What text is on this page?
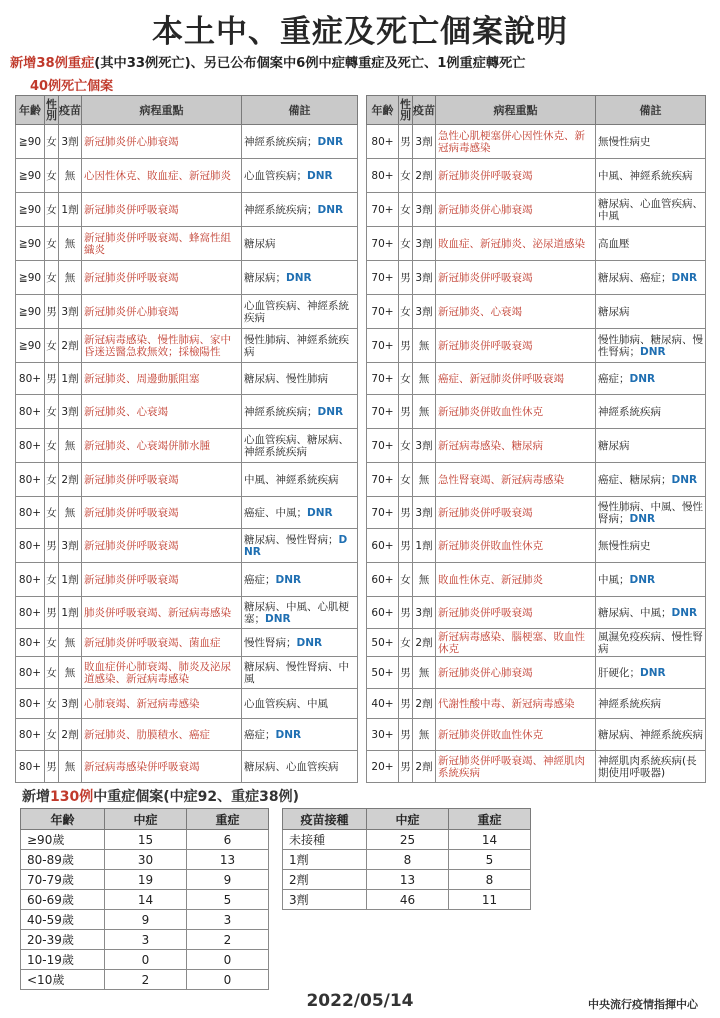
本土中、重症及死亡個案說明
新增38例重症(其中33例死亡)、另已公布個案中6例中症轉重症及死亡、1例重症轉死亡
40例死亡個案
年齡	性別	疫苗	病程重點	備註
≧90	女	3劑	新冠肺炎併心肺衰竭	神經系統疾病；DNR
≧90	女	無	心因性休克、敗血症、新冠肺炎	心血管疾病；DNR
≧90	女	1劑	新冠肺炎併呼吸衰竭	神經系統疾病；DNR
≧90	女	無	新冠肺炎併呼吸衰竭、蜂窩性組織炎	糖尿病
≧90	女	無	新冠肺炎併呼吸衰竭	糖尿病；DNR
≧90	男	3劑	新冠肺炎併心肺衰竭	心血管疾病、神經系統疾病
≧90	女	2劑	新冠病毒感染、慢性肺病、家中昏迷送醫急救無效；採檢陽性	慢性肺病、神經系統疾病
80+	男	1劑	新冠肺炎、周邊動脈阻塞	糖尿病、慢性肺病
80+	女	3劑	新冠肺炎、心衰竭	神經系統疾病；DNR
80+	女	無	新冠肺炎、心衰竭併肺水腫	心血管疾病、糖尿病、神經系統疾病
80+	女	2劑	新冠肺炎併呼吸衰竭	中風、神經系統疾病
80+	女	無	新冠肺炎併呼吸衰竭	癌症、中風；DNR
80+	男	3劑	新冠肺炎併呼吸衰竭	糖尿病、慢性腎病；DNR
80+	女	1劑	新冠肺炎併呼吸衰竭	癌症；DNR
80+	男	1劑	肺炎併呼吸衰竭、新冠病毒感染	糖尿病、中風、心肌梗塞；DNR
80+	女	無	新冠肺炎併呼吸衰竭、菌血症	慢性腎病；DNR
80+	女	無	敗血症併心肺衰竭、肺炎及泌尿道感染、新冠病毒感染	糖尿病、慢性腎病、中風
80+	女	3劑	心肺衰竭、新冠病毒感染	心血管疾病、中風
80+	女	2劑	新冠肺炎、肋膜積水、癌症	癌症；DNR
80+	男	無	新冠病毒感染併呼吸衰竭	糖尿病、心血管疾病
年齡	性別	疫苗	病程重點	備註
80+	男	3劑	急性心肌梗塞併心因性休克、新冠病毒感染	無慢性病史
80+	女	2劑	新冠肺炎併呼吸衰竭	中風、神經系統疾病
70+	女	3劑	新冠肺炎併心肺衰竭	糖尿病、心血管疾病、中風
70+	女	3劑	敗血症、新冠肺炎、泌尿道感染	高血壓
70+	男	3劑	新冠肺炎併呼吸衰竭	糖尿病、癌症；DNR
70+	女	3劑	新冠肺炎、心衰竭	糖尿病
70+	男	無	新冠肺炎併呼吸衰竭	慢性肺病、糖尿病、慢性腎病；DNR
70+	女	無	癌症、新冠肺炎併呼吸衰竭	癌症；DNR
70+	男	無	新冠肺炎併敗血性休克	神經系統疾病
70+	女	3劑	新冠病毒感染、糖尿病	糖尿病
70+	女	無	急性腎衰竭、新冠病毒感染	癌症、糖尿病；DNR
70+	男	3劑	新冠肺炎併呼吸衰竭	慢性肺病、中風、慢性腎病；DNR
60+	男	1劑	新冠肺炎併敗血性休克	無慢性病史
60+	女	無	敗血性休克、新冠肺炎	中風；DNR
60+	男	3劑	新冠肺炎併呼吸衰竭	糖尿病、中風；DNR
50+	女	2劑	新冠病毒感染、腦梗塞、敗血性休克	風濕免疫疾病、慢性腎病
50+	男	無	新冠肺炎併心肺衰竭	肝硬化；DNR
40+	男	2劑	代謝性酸中毒、新冠病毒感染	神經系統疾病
30+	男	無	新冠肺炎併敗血性休克	糖尿病、神經系統疾病
20+	男	2劑	新冠肺炎併呼吸衰竭、神經肌肉系統疾病	神經肌肉系統疾病(長期使用呼吸器)
新增130例中重症個案(中症92、重症38例)
年齡	中症	重症
≥90歲	15	6
80-89歲	30	13
70-79歲	19	9
60-69歲	14	5
40-59歲	9	3
20-39歲	3	2
10-19歲	0	0
<10歲	2	0
疫苗接種	中症	重症
未接種	25	14
1劑	8	5
2劑	13	8
3劑	46	11
2022/05/14	中央流行疫情指揮中心
